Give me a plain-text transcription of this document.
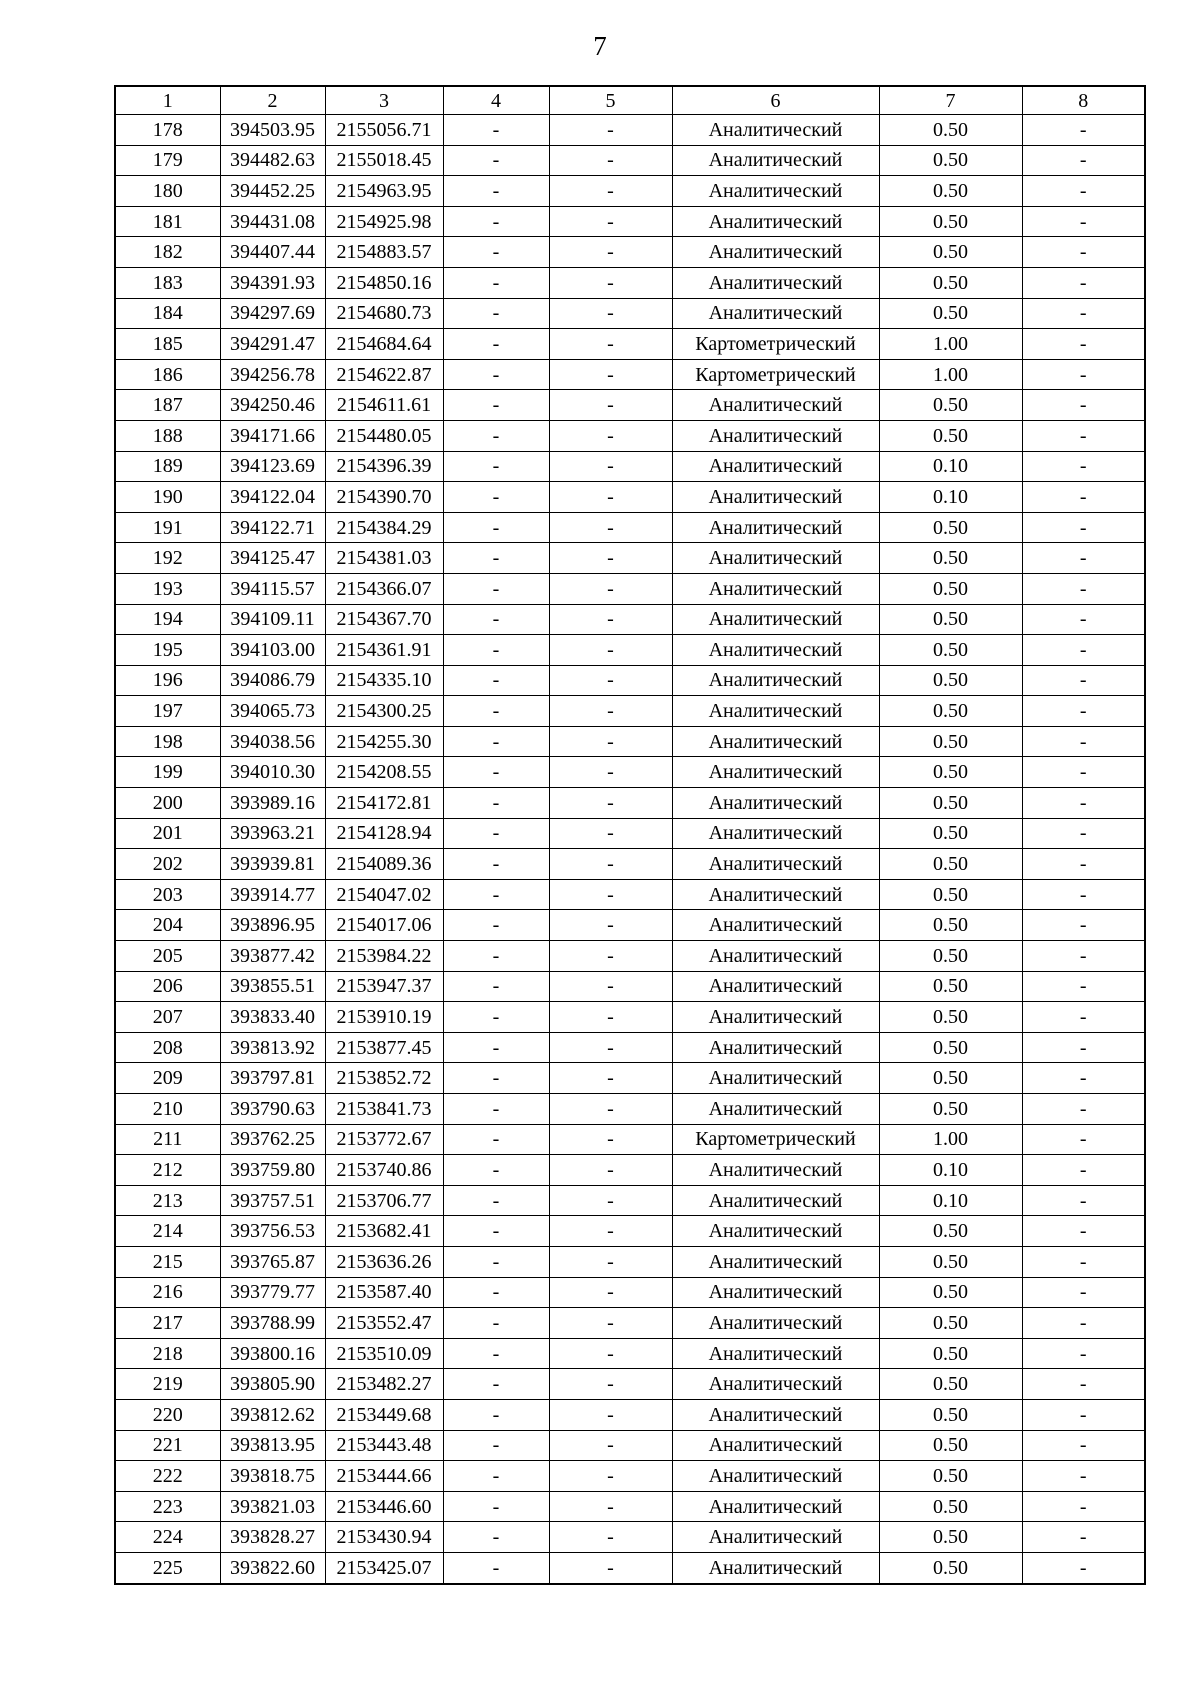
7
1	2	3	4	5	6	7	8
178	394503.95	2155056.71	-	-	Аналитический	0.50	-
179	394482.63	2155018.45	-	-	Аналитический	0.50	-
180	394452.25	2154963.95	-	-	Аналитический	0.50	-
181	394431.08	2154925.98	-	-	Аналитический	0.50	-
182	394407.44	2154883.57	-	-	Аналитический	0.50	-
183	394391.93	2154850.16	-	-	Аналитический	0.50	-
184	394297.69	2154680.73	-	-	Аналитический	0.50	-
185	394291.47	2154684.64	-	-	Картометрический	1.00	-
186	394256.78	2154622.87	-	-	Картометрический	1.00	-
187	394250.46	2154611.61	-	-	Аналитический	0.50	-
188	394171.66	2154480.05	-	-	Аналитический	0.50	-
189	394123.69	2154396.39	-	-	Аналитический	0.10	-
190	394122.04	2154390.70	-	-	Аналитический	0.10	-
191	394122.71	2154384.29	-	-	Аналитический	0.50	-
192	394125.47	2154381.03	-	-	Аналитический	0.50	-
193	394115.57	2154366.07	-	-	Аналитический	0.50	-
194	394109.11	2154367.70	-	-	Аналитический	0.50	-
195	394103.00	2154361.91	-	-	Аналитический	0.50	-
196	394086.79	2154335.10	-	-	Аналитический	0.50	-
197	394065.73	2154300.25	-	-	Аналитический	0.50	-
198	394038.56	2154255.30	-	-	Аналитический	0.50	-
199	394010.30	2154208.55	-	-	Аналитический	0.50	-
200	393989.16	2154172.81	-	-	Аналитический	0.50	-
201	393963.21	2154128.94	-	-	Аналитический	0.50	-
202	393939.81	2154089.36	-	-	Аналитический	0.50	-
203	393914.77	2154047.02	-	-	Аналитический	0.50	-
204	393896.95	2154017.06	-	-	Аналитический	0.50	-
205	393877.42	2153984.22	-	-	Аналитический	0.50	-
206	393855.51	2153947.37	-	-	Аналитический	0.50	-
207	393833.40	2153910.19	-	-	Аналитический	0.50	-
208	393813.92	2153877.45	-	-	Аналитический	0.50	-
209	393797.81	2153852.72	-	-	Аналитический	0.50	-
210	393790.63	2153841.73	-	-	Аналитический	0.50	-
211	393762.25	2153772.67	-	-	Картометрический	1.00	-
212	393759.80	2153740.86	-	-	Аналитический	0.10	-
213	393757.51	2153706.77	-	-	Аналитический	0.10	-
214	393756.53	2153682.41	-	-	Аналитический	0.50	-
215	393765.87	2153636.26	-	-	Аналитический	0.50	-
216	393779.77	2153587.40	-	-	Аналитический	0.50	-
217	393788.99	2153552.47	-	-	Аналитический	0.50	-
218	393800.16	2153510.09	-	-	Аналитический	0.50	-
219	393805.90	2153482.27	-	-	Аналитический	0.50	-
220	393812.62	2153449.68	-	-	Аналитический	0.50	-
221	393813.95	2153443.48	-	-	Аналитический	0.50	-
222	393818.75	2153444.66	-	-	Аналитический	0.50	-
223	393821.03	2153446.60	-	-	Аналитический	0.50	-
224	393828.27	2153430.94	-	-	Аналитический	0.50	-
225	393822.60	2153425.07	-	-	Аналитический	0.50	-
